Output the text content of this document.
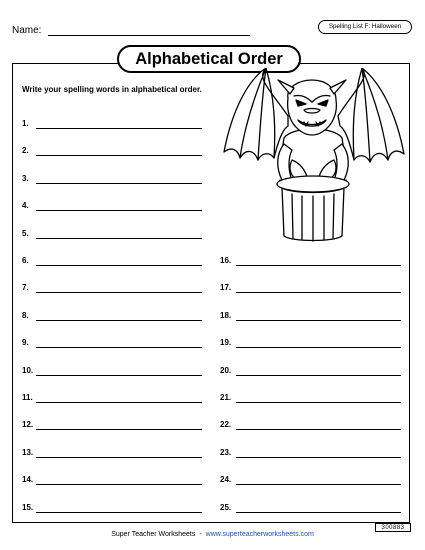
Name:	Spelling List F: Halloween
Alphabetical Order
Write your spelling words in alphabetical order.
1.
2.
3.
4.
5.
6.
7.
8.
9.
10.
11.
12.
13.
14.
15.
16.
17.
18.
19.
20.
21.
22.
23.
24.
25.
Super Teacher Worksheets - www.superteacherworksheets.com
300883
